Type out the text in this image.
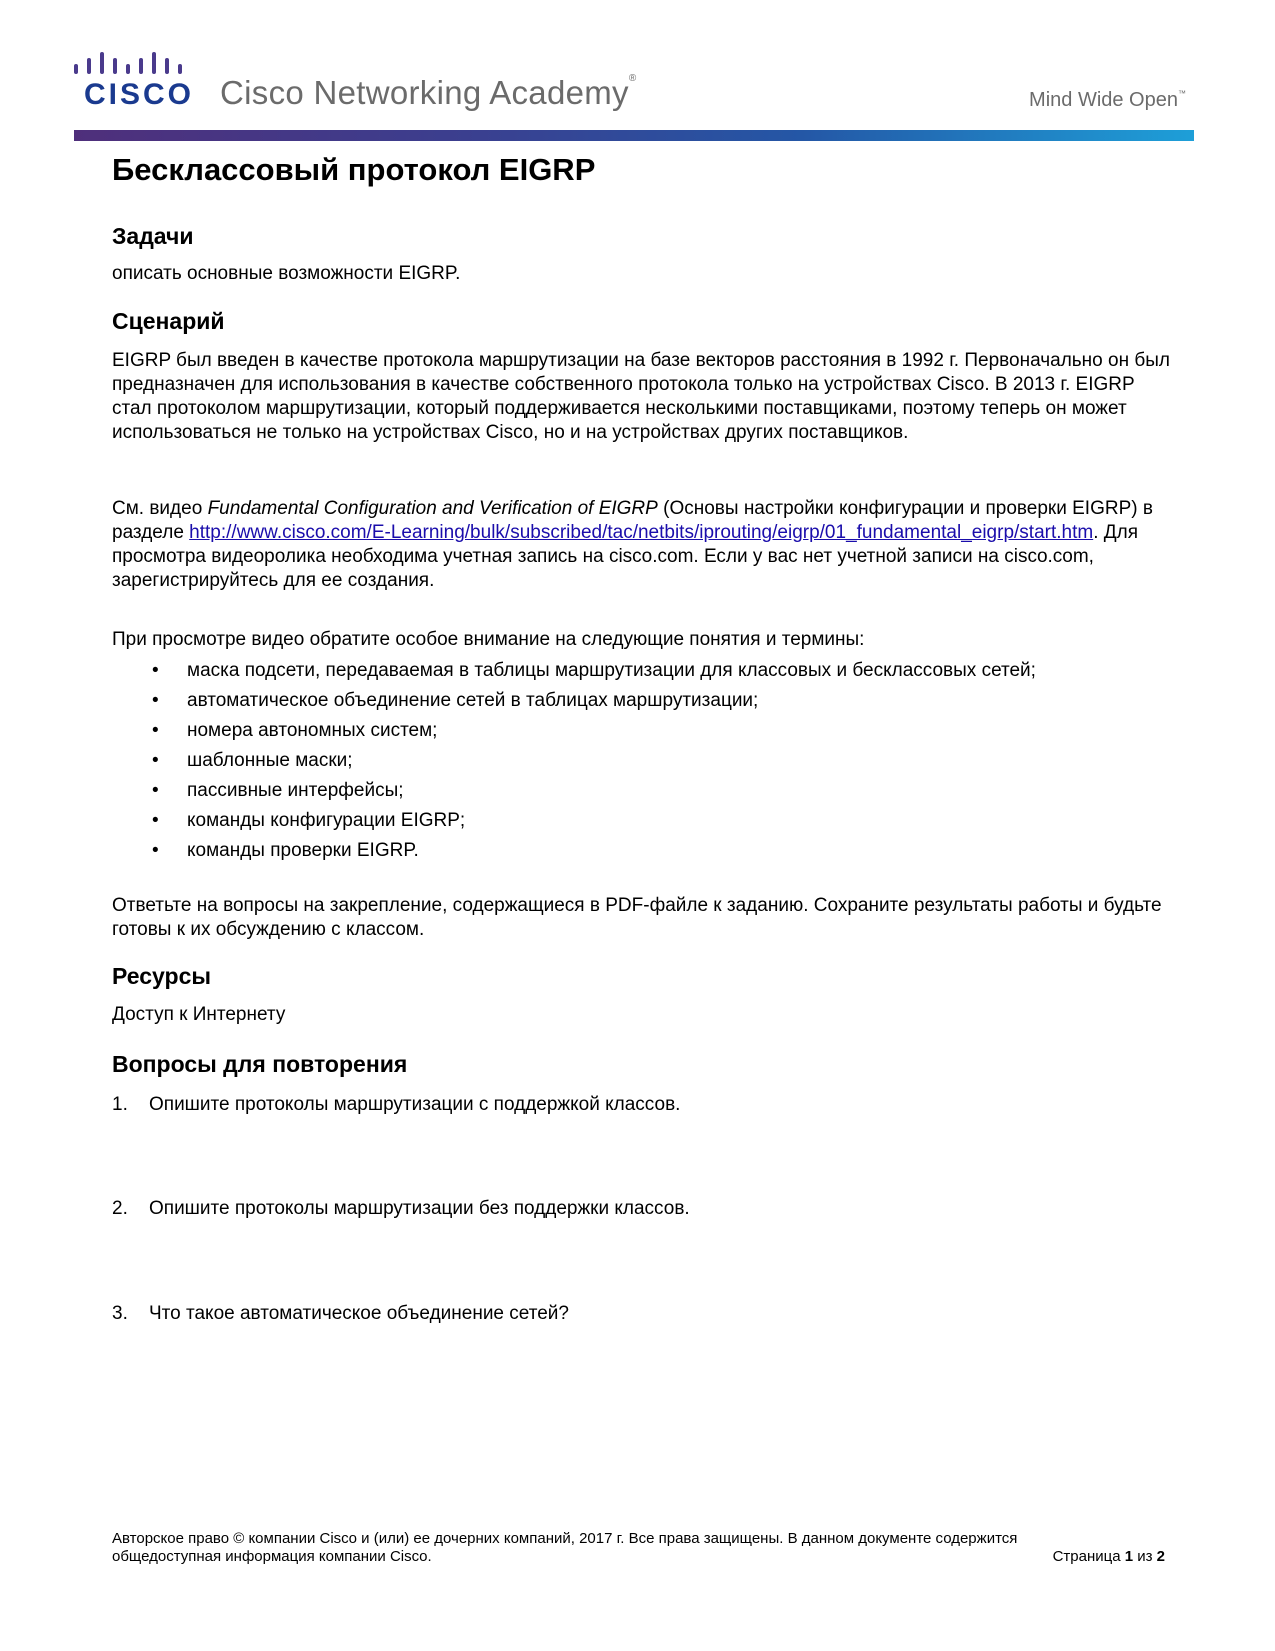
CISCO Cisco Networking Academy®
Mind Wide Open™
Бесклассовый протокол EIGRP
Задачи
описать основные возможности EIGRP.
Сценарий
EIGRP был введен в качестве протокола маршрутизации на базе векторов расстояния в 1992 г. Первоначально он был предназначен для использования в качестве собственного протокола только на устройствах Cisco. В 2013 г. EIGRP стал протоколом маршрутизации, который поддерживается несколькими поставщиками, поэтому теперь он может использоваться не только на устройствах Cisco, но и на устройствах других поставщиков.
См. видео Fundamental Configuration and Verification of EIGRP (Основы настройки конфигурации и проверки EIGRP) в разделе http://www.cisco.com/E-Learning/bulk/subscribed/tac/netbits/iprouting/eigrp/01_fundamental_eigrp/start.htm. Для просмотра видеоролика необходима учетная запись на cisco.com. Если у вас нет учетной записи на cisco.com, зарегистрируйтесь для ее создания.
При просмотре видео обратите особое внимание на следующие понятия и термины:
• маска подсети, передаваемая в таблицы маршрутизации для классовых и бесклассовых сетей;
• автоматическое объединение сетей в таблицах маршрутизации;
• номера автономных систем;
• шаблонные маски;
• пассивные интерфейсы;
• команды конфигурации EIGRP;
• команды проверки EIGRP.
Ответьте на вопросы на закрепление, содержащиеся в PDF-файле к заданию. Сохраните результаты работы и будьте готовы к их обсуждению с классом.
Ресурсы
Доступ к Интернету
Вопросы для повторения
1. Опишите протоколы маршрутизации с поддержкой классов.
2. Опишите протоколы маршрутизации без поддержки классов.
3. Что такое автоматическое объединение сетей?
Авторское право © компании Cisco и (или) ее дочерних компаний, 2017 г. Все права защищены. В данном документе содержится общедоступная информация компании Cisco.	Страница 1 из 2
